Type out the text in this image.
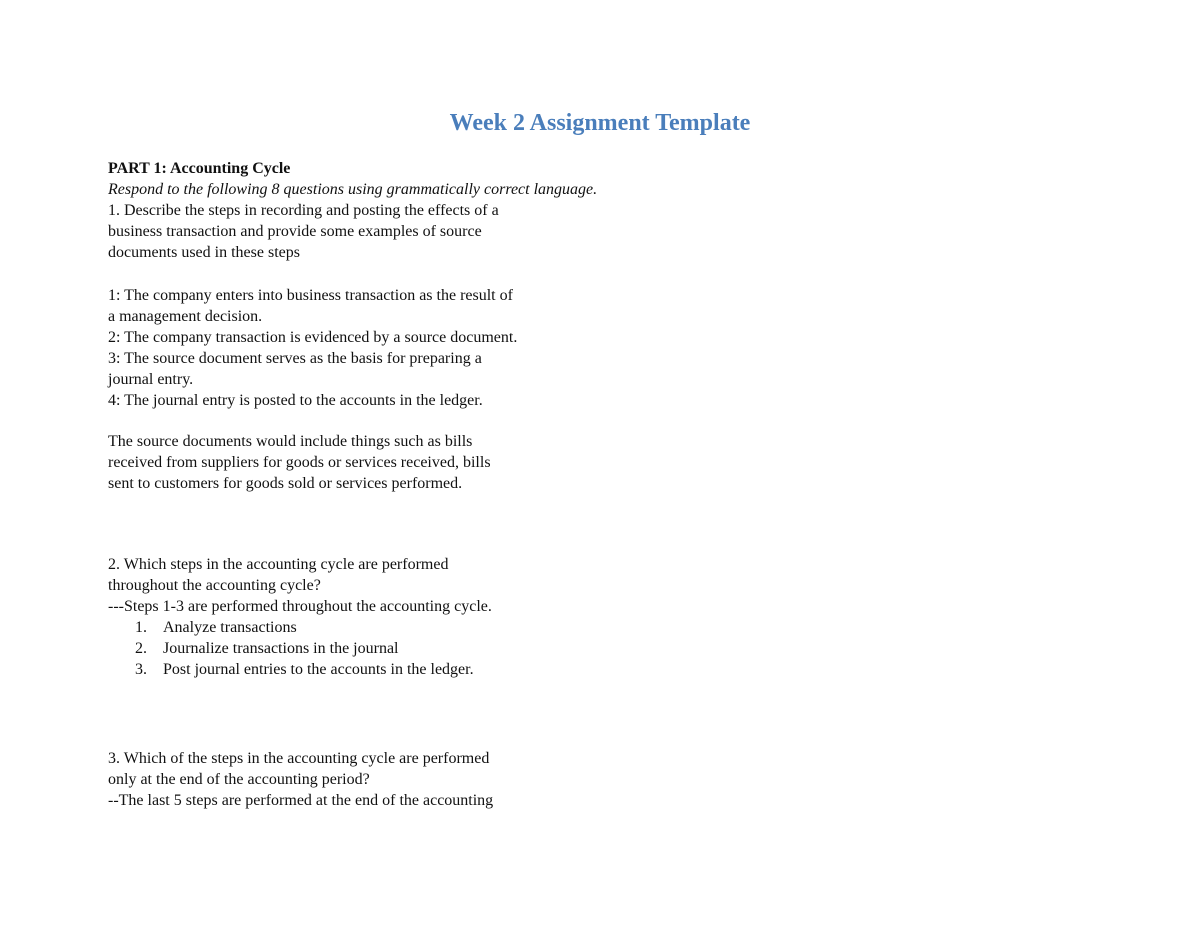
Week 2 Assignment Template
PART 1: Accounting Cycle
Respond to the following 8 questions using grammatically correct language.
1. Describe the steps in recording and posting the effects of a
business transaction and provide some examples of source
documents used in these steps
1: The company enters into business transaction as the result of
a management decision.
2: The company transaction is evidenced by a source document.
3: The source document serves as the basis for preparing a
journal entry.
4: The journal entry is posted to the accounts in the ledger.
The source documents would include things such as bills
received from suppliers for goods or services received, bills
sent to customers for goods sold or services performed.
2. Which steps in the accounting cycle are performed
throughout the accounting cycle?
---Steps 1-3 are performed throughout the accounting cycle.
1. Analyze transactions
2. Journalize transactions in the journal
3. Post journal entries to the accounts in the ledger.
3. Which of the steps in the accounting cycle are performed
only at the end of the accounting period?
--The last 5 steps are performed at the end of the accounting
